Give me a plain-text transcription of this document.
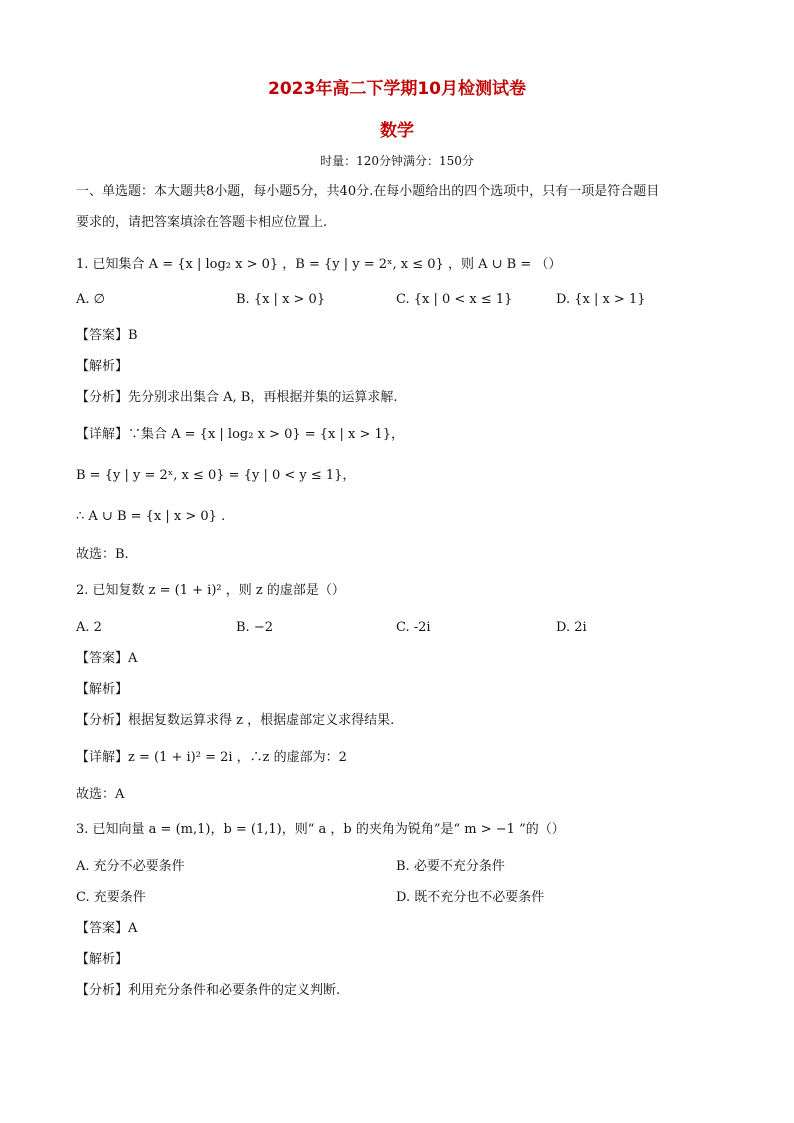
2023年高二下学期10月检测试卷
数学
时量：120分钟满分：150分
一、单选题：本大题共8小题，每小题5分，共40分.在每小题给出的四个选项中，只有一项是符合题目
要求的，请把答案填涂在答题卡相应位置上.
1. 已知集合 A = {x | log₂ x > 0} ，B = {y | y = 2ˣ, x ≤ 0} ，则 A ∪ B = （）
A. ∅	B. {x | x > 0}	C. {x | 0 < x ≤ 1}	D. {x | x > 1}
【答案】B
【解析】
【分析】先分别求出集合 A, B，再根据并集的运算求解.
【详解】∵集合 A = {x | log₂ x > 0} = {x | x > 1}，
B = {y | y = 2ˣ, x ≤ 0} = {y | 0 < y ≤ 1}，
∴ A ∪ B = {x | x > 0} .
故选：B.
2. 已知复数 z = (1 + i)² ，则 z 的虚部是（）
A. 2	B. −2	C. -2i	D. 2i
【答案】A
【解析】
【分析】根据复数运算求得 z ，根据虚部定义求得结果.
【详解】z = (1 + i)² = 2i ，∴z 的虚部为：2
故选：A
3. 已知向量 a = (m,1)，b = (1,1)，则“ a ，b 的夹角为锐角”是“ m > −1 ”的（）
A. 充分不必要条件	B. 必要不充分条件
C. 充要条件	D. 既不充分也不必要条件
【答案】A
【解析】
【分析】利用充分条件和必要条件的定义判断.
